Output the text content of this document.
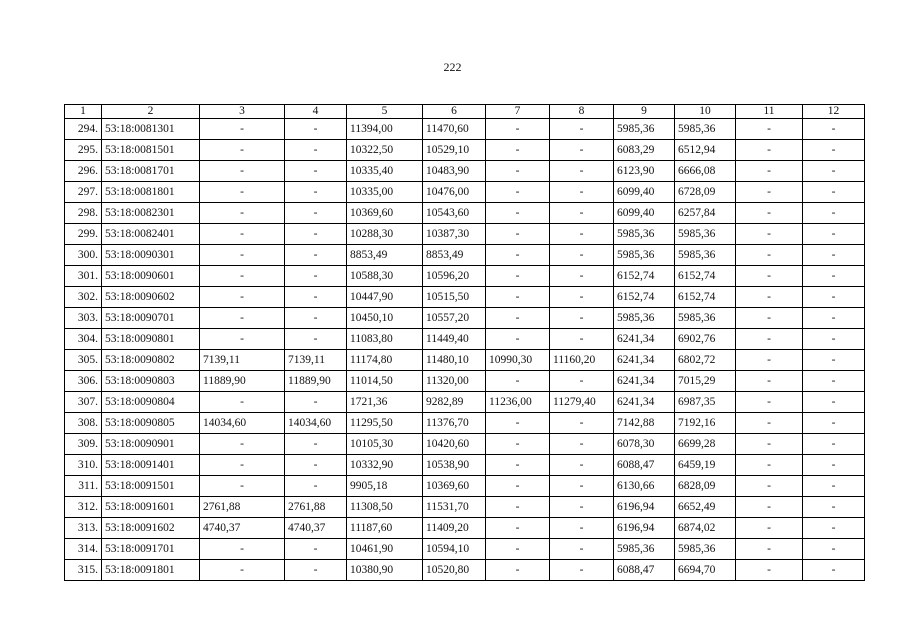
222
1	2	3	4	5	6	7	8	9	10	11	12
294.	53:18:0081301	-	-	11394,00	11470,60	-	-	5985,36	5985,36	-	-
295.	53:18:0081501	-	-	10322,50	10529,10	-	-	6083,29	6512,94	-	-
296.	53:18:0081701	-	-	10335,40	10483,90	-	-	6123,90	6666,08	-	-
297.	53:18:0081801	-	-	10335,00	10476,00	-	-	6099,40	6728,09	-	-
298.	53:18:0082301	-	-	10369,60	10543,60	-	-	6099,40	6257,84	-	-
299.	53:18:0082401	-	-	10288,30	10387,30	-	-	5985,36	5985,36	-	-
300.	53:18:0090301	-	-	8853,49	8853,49	-	-	5985,36	5985,36	-	-
301.	53:18:0090601	-	-	10588,30	10596,20	-	-	6152,74	6152,74	-	-
302.	53:18:0090602	-	-	10447,90	10515,50	-	-	6152,74	6152,74	-	-
303.	53:18:0090701	-	-	10450,10	10557,20	-	-	5985,36	5985,36	-	-
304.	53:18:0090801	-	-	11083,80	11449,40	-	-	6241,34	6902,76	-	-
305.	53:18:0090802	7139,11	7139,11	11174,80	11480,10	10990,30	11160,20	6241,34	6802,72	-	-
306.	53:18:0090803	11889,90	11889,90	11014,50	11320,00	-	-	6241,34	7015,29	-	-
307.	53:18:0090804	-	-	1721,36	9282,89	11236,00	11279,40	6241,34	6987,35	-	-
308.	53:18:0090805	14034,60	14034,60	11295,50	11376,70	-	-	7142,88	7192,16	-	-
309.	53:18:0090901	-	-	10105,30	10420,60	-	-	6078,30	6699,28	-	-
310.	53:18:0091401	-	-	10332,90	10538,90	-	-	6088,47	6459,19	-	-
311.	53:18:0091501	-	-	9905,18	10369,60	-	-	6130,66	6828,09	-	-
312.	53:18:0091601	2761,88	2761,88	11308,50	11531,70	-	-	6196,94	6652,49	-	-
313.	53:18:0091602	4740,37	4740,37	11187,60	11409,20	-	-	6196,94	6874,02	-	-
314.	53:18:0091701	-	-	10461,90	10594,10	-	-	5985,36	5985,36	-	-
315.	53:18:0091801	-	-	10380,90	10520,80	-	-	6088,47	6694,70	-	-
